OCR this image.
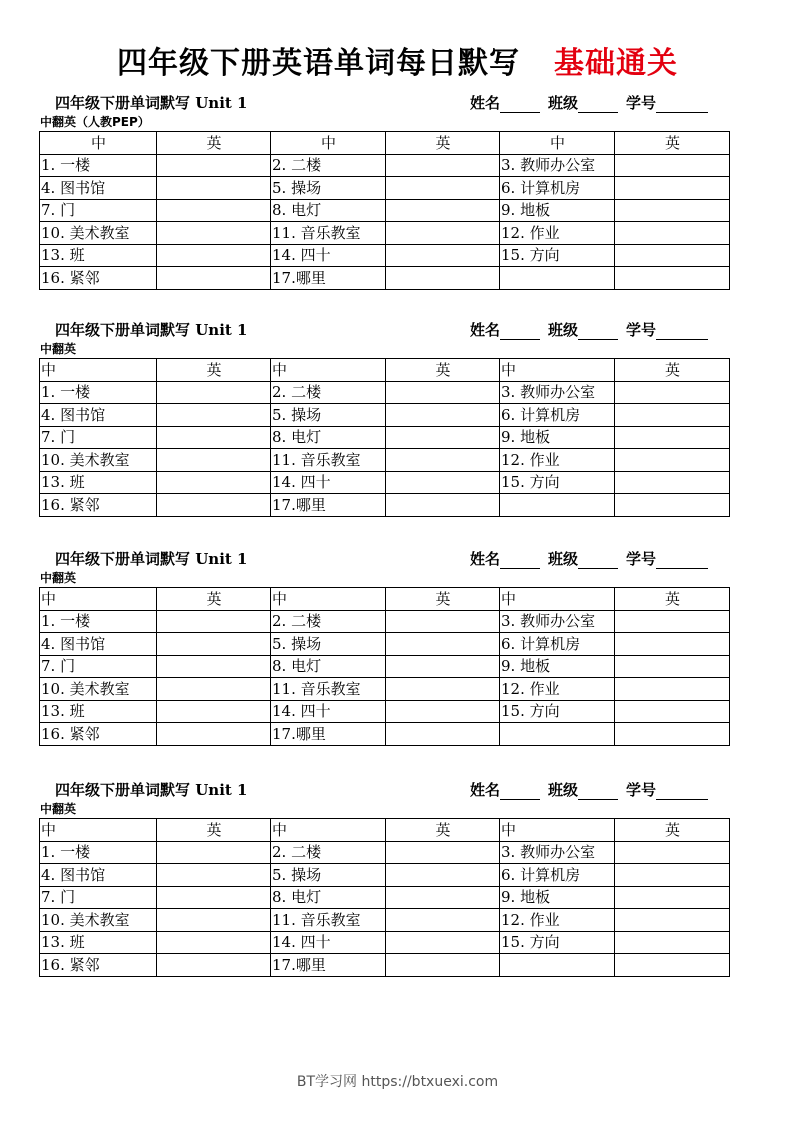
四年级下册英语单词每日默写 基础通关
四年级下册单词默写 Unit 1	姓名	班级	学号
中翻英（人教PEP）
中	英	中	英	中	英
1. 一楼		2. 二楼		3. 教师办公室	
4. 图书馆		5. 操场		6. 计算机房	
7. 门		8. 电灯		9. 地板	
10. 美术教室		11. 音乐教室		12. 作业	
13. 班		14. 四十		15. 方向	
16. 紧邻		17.哪里			
四年级下册单词默写 Unit 1	姓名	班级	学号
中翻英
中	英	中	英	中	英
1. 一楼		2. 二楼		3. 教师办公室	
4. 图书馆		5. 操场		6. 计算机房	
7. 门		8. 电灯		9. 地板	
10. 美术教室		11. 音乐教室		12. 作业	
13. 班		14. 四十		15. 方向	
16. 紧邻		17.哪里			
四年级下册单词默写 Unit 1	姓名	班级	学号
中翻英
中	英	中	英	中	英
1. 一楼		2. 二楼		3. 教师办公室	
4. 图书馆		5. 操场		6. 计算机房	
7. 门		8. 电灯		9. 地板	
10. 美术教室		11. 音乐教室		12. 作业	
13. 班		14. 四十		15. 方向	
16. 紧邻		17.哪里			
四年级下册单词默写 Unit 1	姓名	班级	学号
中翻英
中	英	中	英	中	英
1. 一楼		2. 二楼		3. 教师办公室	
4. 图书馆		5. 操场		6. 计算机房	
7. 门		8. 电灯		9. 地板	
10. 美术教室		11. 音乐教室		12. 作业	
13. 班		14. 四十		15. 方向	
16. 紧邻		17.哪里			
BT学习网 https://btxuexi.com
